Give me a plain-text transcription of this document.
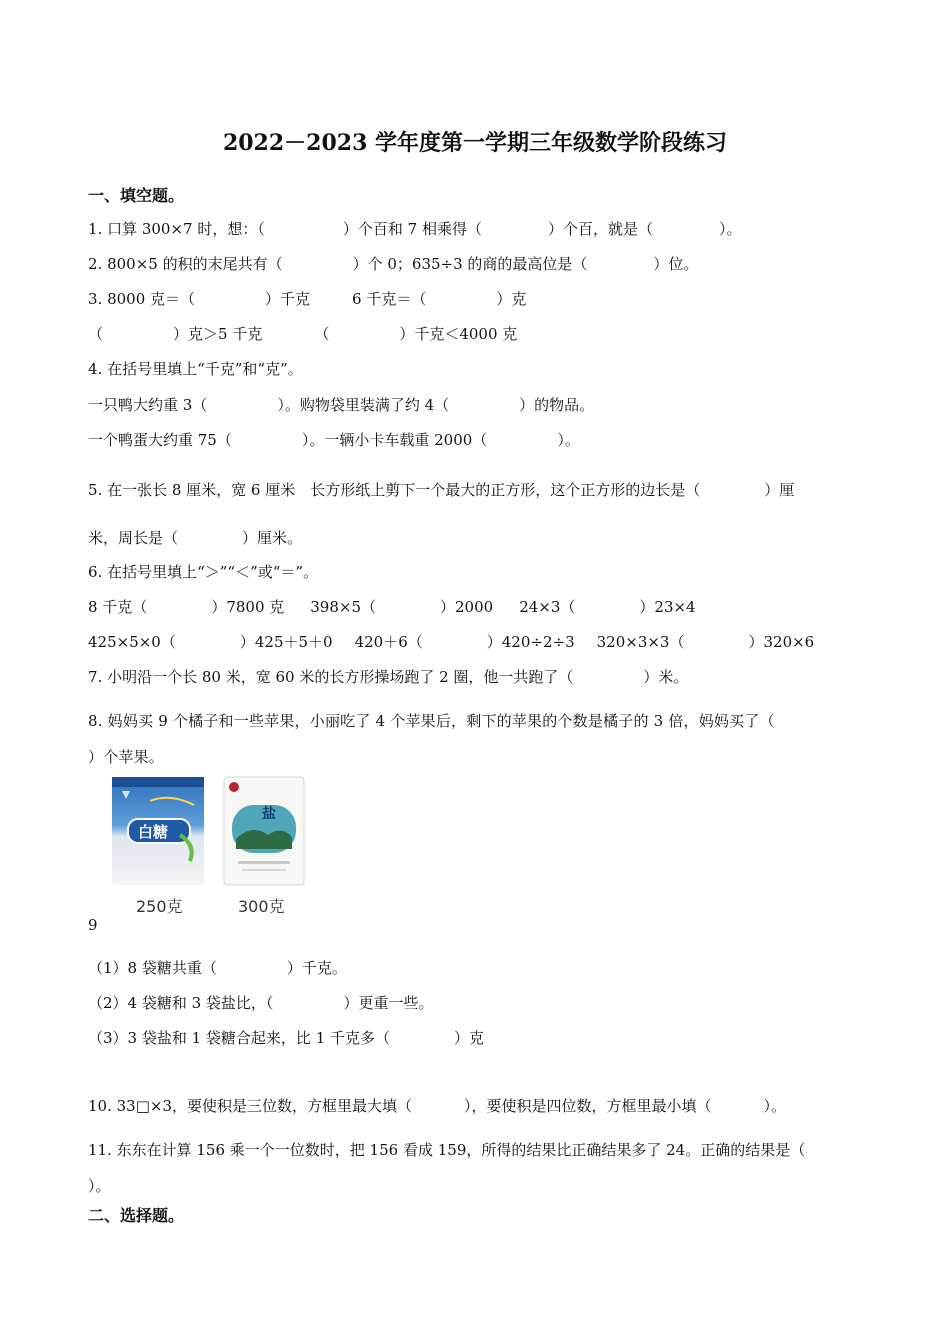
2022－2023 学年度第一学期三年级数学阶段练习
一、填空题。
1. 口算 300×7 时，想：（	）个百和 7 相乘得（	）个百，就是（	）。
2. 800×5 的积的末尾共有（	）个 0；635÷3 的商的最高位是（	）位。
3. 8000 克＝（	）千克	6 千克＝（	）克
（	）克＞5 千克	（	）千克＜4000 克
4. 在括号里填上“千克”和“克”。
一只鸭大约重 3（	）。购物袋里装满了约 4（	）的物品。
一个鸭蛋大约重 75（	）。一辆小卡车载重 2000（	）。
5. 在一张长 8 厘米，宽 6 厘米　长方形纸上剪下一个最大的正方形，这个正方形的边长是（	）厘
米，周长是（	）厘米。
6. 在括号里填上“＞”“＜”或“＝”。
8 千克（	）7800 克 398×5（	）2000 24×3（	）23×4
425×5×0（	）425＋5＋0 420＋6（	）420÷2÷3 320×3×3（	）320×6
7. 小明沿一个长 80 米，宽 60 米的长方形操场跑了 2 圈，他一共跑了（	）米。
8. 妈妈买 9 个橘子和一些苹果，小丽吃了 4 个苹果后，剩下的苹果的个数是橘子的 3 倍，妈妈买了（
）个苹果。
白糖
盐
250克	300克
9
（1）8 袋糖共重（	）千克。
（2）4 袋糖和 3 袋盐比，（	）更重一些。
（3）3 袋盐和 1 袋糖合起来，比 1 千克多（	）克
10. 33□×3，要使积是三位数，方框里最大填（	），要使积是四位数，方框里最小填（	）。
11. 东东在计算 156 乘一个一位数时，把 156 看成 159，所得的结果比正确结果多了 24。正确的结果是（
）。
二、选择题。
